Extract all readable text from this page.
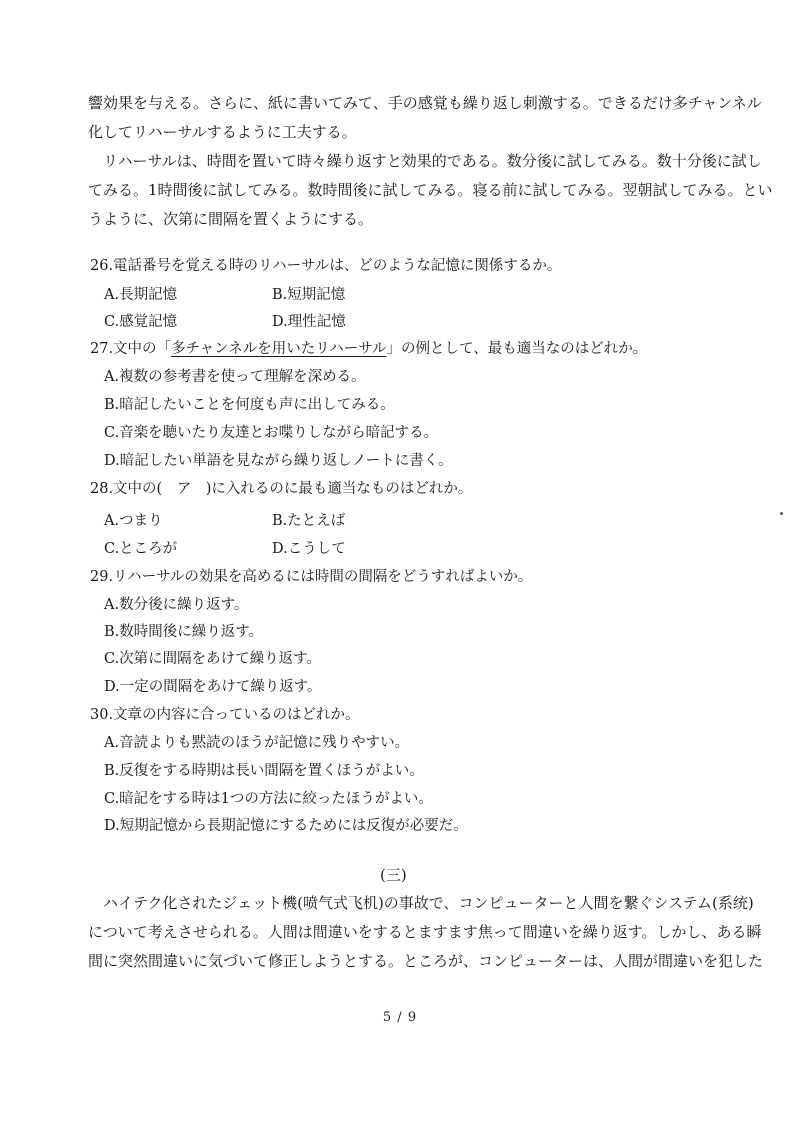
響効果を与える。さらに、紙に書いてみて、手の感覚も繰り返し刺激する。できるだけ多チャンネル
化してリハーサルするように工夫する。
　リハーサルは、時間を置いて時々繰り返すと効果的である。数分後に試してみる。数十分後に試し
てみる。1時間後に試してみる。数時間後に試してみる。寝る前に試してみる。翌朝試してみる。とい
うように、次第に間隔を置くようにする。
26.電話番号を覚える時のリハーサルは、どのような記憶に関係するか。
A.長期記憶	B.短期記憶
C.感覚記憶	D.理性記憶
27.文中の「多チャンネルを用いたリハーサル」の例として、最も適当なのはどれか。
A.複数の参考書を使って理解を深める。
B.暗記したいことを何度も声に出してみる。
C.音楽を聴いたり友達とお喋りしながら暗記する。
D.暗記したい単語を見ながら繰り返しノートに書く。
28.文中の(　ア　)に入れるのに最も適当なものはどれか。
A.つまり	B.たとえば
C.ところが	D.こうして
29.リハーサルの効果を高めるには時間の間隔をどうすればよいか。
A.数分後に繰り返す。
B.数時間後に繰り返す。
C.次第に間隔をあけて繰り返す。
D.一定の間隔をあけて繰り返す。
30.文章の内容に合っているのはどれか。
A.音読よりも黙読のほうが記憶に残りやすい。
B.反復をする時期は長い間隔を置くほうがよい。
C.暗記をする時は1つの方法に絞ったほうがよい。
D.短期記憶から長期記憶にするためには反復が必要だ。
(三)
　ハイテク化されたジェット機(喷气式飞机)の事故で、コンピューターと人間を繋ぐシステム(系统)
について考えさせられる。人間は間違いをするとますます焦って間違いを繰り返す。しかし、ある瞬
間に突然間違いに気づいて修正しようとする。ところが、コンピューターは、人間が間違いを犯した
5 / 9
